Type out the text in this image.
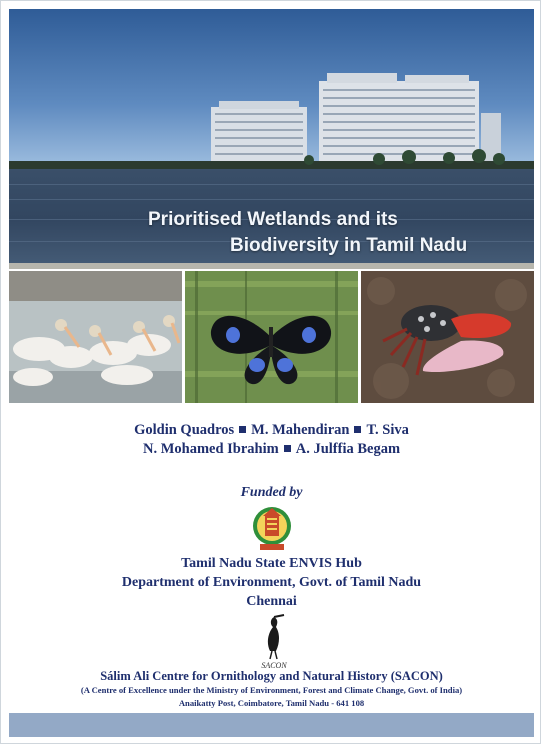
Prioritised Wetlands and its
Biodiversity in Tamil Nadu
Goldin Quadros M. Mahendiran T. Siva
N. Mohamed Ibrahim A. Julffia Begam
Funded by
Tamil Nadu State ENVIS Hub
Department of Environment, Govt. of Tamil Nadu
Chennai
SACON
Sálim Ali Centre for Ornithology and Natural History (SACON)
(A Centre of Excellence under the Ministry of Environment, Forest and Climate Change, Govt. of India)
Anaikatty Post, Coimbatore, Tamil Nadu - 641 108
